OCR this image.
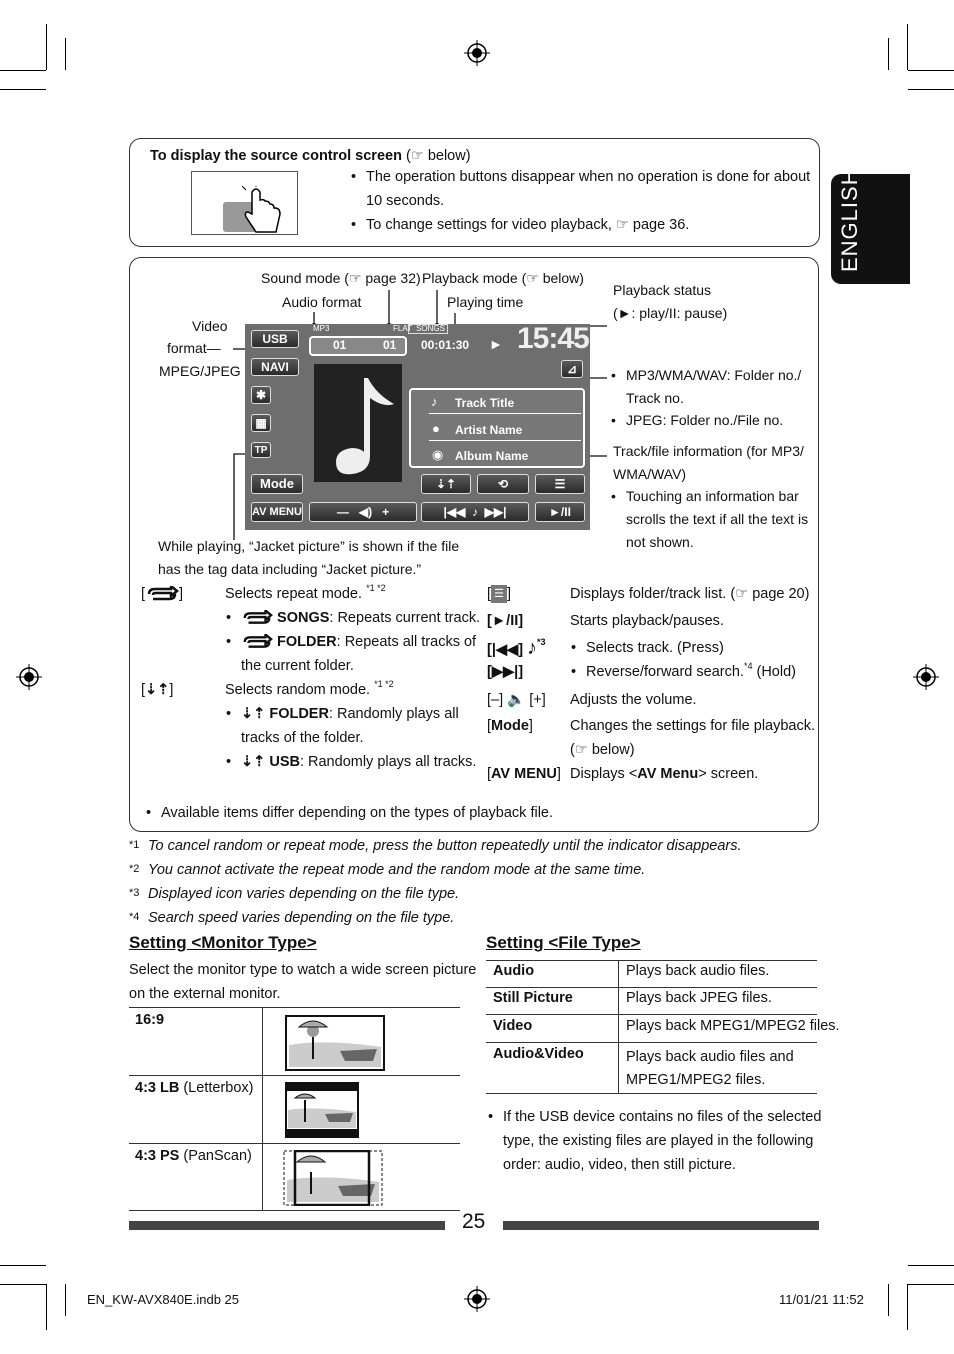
ENGLISH
To display the source control screen (☞ below)
• The operation buttons disappear when no operation is done for about
10 seconds.
• To change settings for video playback, ☞ page 36.
Sound mode (☞ page 32) Playback mode (☞ below)
Audio format	Playing time
Playback status
(►: play/II: pause)
Video
format—
MPEG/JPEG
•	MP3/WMA/WAV: Folder no./
Track no.
• JPEG: Folder no./File no.
Track/file information (for MP3/
WMA/WAV)
• Touching an information bar
scrolls the text if all the text is
not shown.
While playing, “Jacket picture” is shown if the file
has the tag data including “Jacket picture.”
USB
NAVI
✱
▦
TP
MP3	FLAT SONGS
01	01 00:01:30 ► 15:45
⊿
Track Title
♪
Artist Name
●
Album Name
◉
Mode	⇣⇡	⟲	☰
AV MENU	—   ◀)   +	|◀◀  ♪  ▶▶|	►/II
[ ]	Selects repeat mode. $^{*1 *2}$
• SONGS: Repeats current track.
• FOLDER: Repeats all tracks of
the current folder.
[⇣⇡]	Selects random mode. $^{*1 *2}$
• ⇣⇡ FOLDER: Randomly plays all
tracks of the folder.
• ⇣⇡ USB: Randomly plays all tracks.
[ ☰ ]	Displays folder/track list. (☞ page 20)
[►/II]	Starts playback/pauses.
[|◀◀] ♪$^{*3}$
[▶▶|]
• Selects track. (Press)
• Reverse/forward search.$^{*4}$ (Hold)
[–] 🔈 [+] Adjusts the volume.
[Mode]	Changes the settings for file playback.
(☞ below)
[AV MENU] Displays <AV Menu> screen.
• Available items differ depending on the types of playback file.
*1 To cancel random or repeat mode, press the button repeatedly until the indicator disappears.
*2 You cannot activate the repeat mode and the random mode at the same time.
*3 Displayed icon varies depending on the file type.
*4 Search speed varies depending on the file type.
Setting <Monitor Type>
Select the monitor type to watch a wide screen picture
on the external monitor.
16:9
4:3 LB (Letterbox)
4:3 PS (PanScan)
Setting <File Type>
Audio	Plays back audio files.
Still Picture	Plays back JPEG files.
Video	Plays back MPEG1/MPEG2 files.
Audio&Video	Plays back audio files and
MPEG1/MPEG2 files.
• If the USB device contains no files of the selected
type, the existing files are played in the following
order: audio, video, then still picture.
25
EN_KW-AVX840E.indb 25	11/01/21 11:52
